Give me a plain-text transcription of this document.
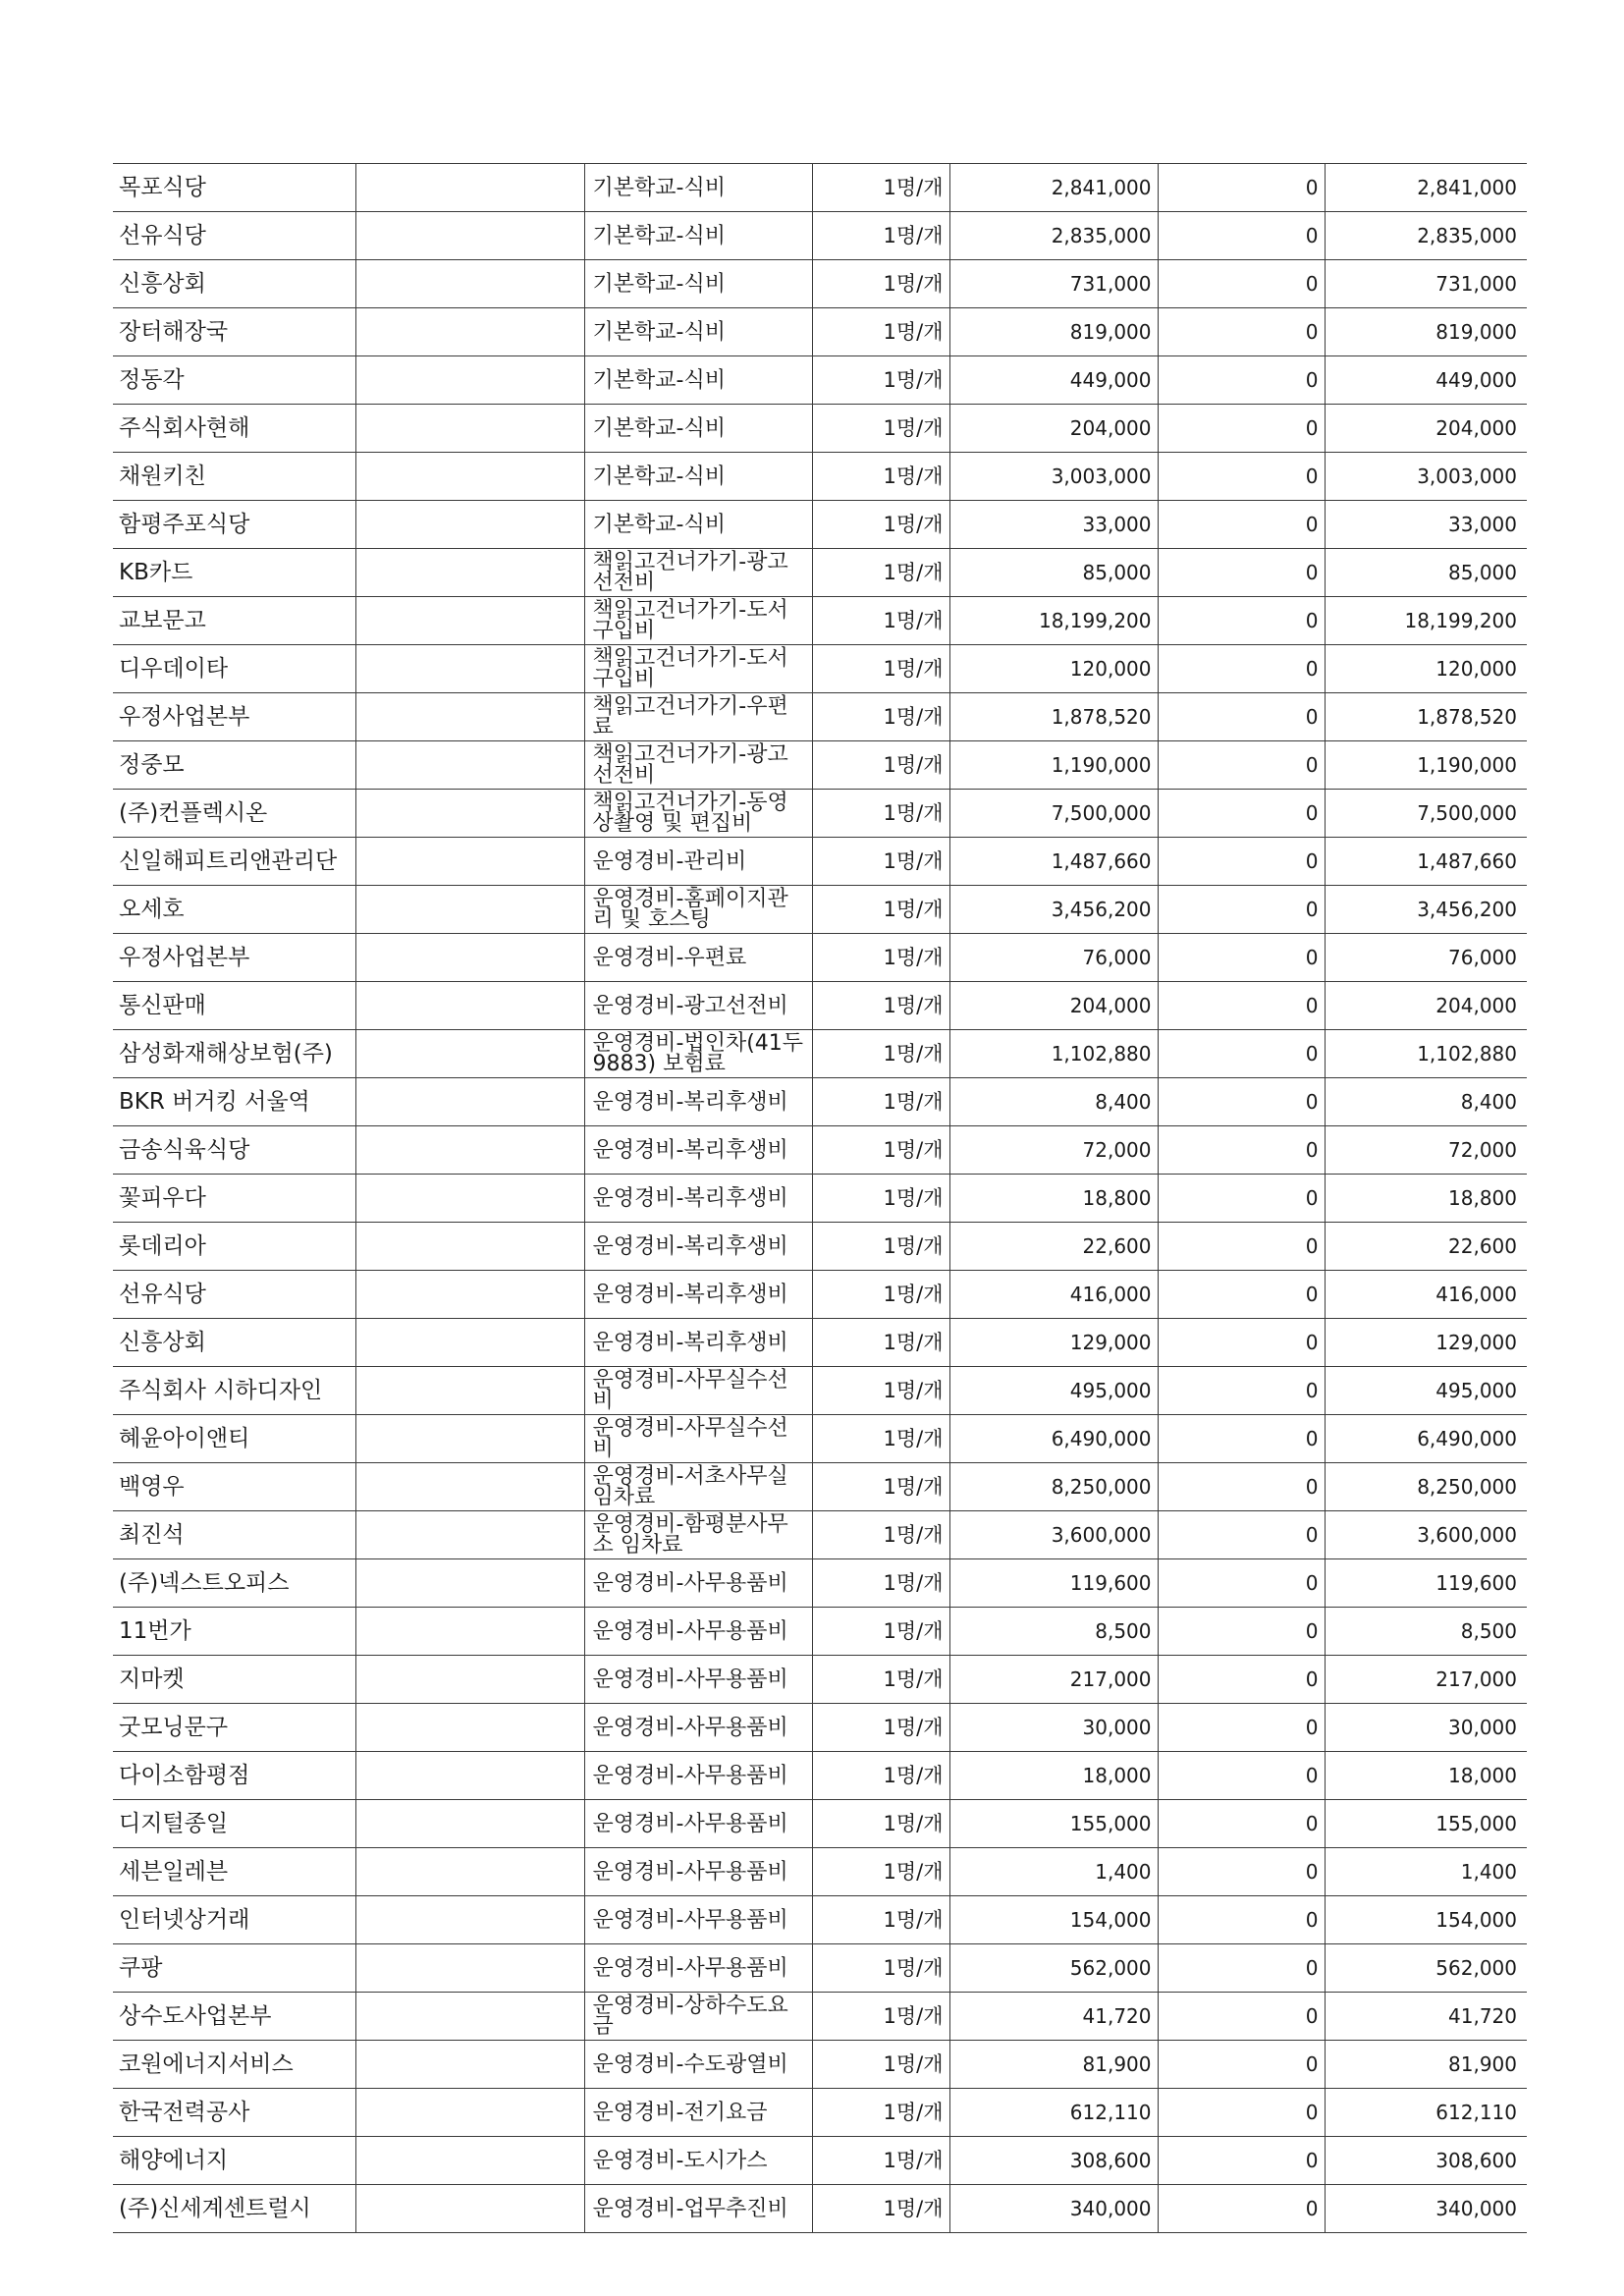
목포식당		기본학교-식비	1명/개	2,841,000	0	2,841,000
선유식당		기본학교-식비	1명/개	2,835,000	0	2,835,000
신흥상회		기본학교-식비	1명/개	731,000	0	731,000
장터해장국		기본학교-식비	1명/개	819,000	0	819,000
정동각		기본학교-식비	1명/개	449,000	0	449,000
주식회사현해		기본학교-식비	1명/개	204,000	0	204,000
채원키친		기본학교-식비	1명/개	3,003,000	0	3,003,000
함평주포식당		기본학교-식비	1명/개	33,000	0	33,000
KB카드		책읽고건너가기-광고선전비	1명/개	85,000	0	85,000
교보문고		책읽고건너가기-도서구입비	1명/개	18,199,200	0	18,199,200
디우데이타		책읽고건너가기-도서구입비	1명/개	120,000	0	120,000
우정사업본부		책읽고건너가기-우편료	1명/개	1,878,520	0	1,878,520
정중모		책읽고건너가기-광고선전비	1명/개	1,190,000	0	1,190,000
(주)컨플렉시온		책읽고건너가기-동영상촬영 및 편집비	1명/개	7,500,000	0	7,500,000
신일해피트리앤관리단		운영경비-관리비	1명/개	1,487,660	0	1,487,660
오세호		운영경비-홈페이지관리 및 호스팅	1명/개	3,456,200	0	3,456,200
우정사업본부		운영경비-우편료	1명/개	76,000	0	76,000
통신판매		운영경비-광고선전비	1명/개	204,000	0	204,000
삼성화재해상보험(주)		운영경비-법인차(41두9883) 보험료	1명/개	1,102,880	0	1,102,880
BKR 버거킹 서울역		운영경비-복리후생비	1명/개	8,400	0	8,400
금송식육식당		운영경비-복리후생비	1명/개	72,000	0	72,000
꽃피우다		운영경비-복리후생비	1명/개	18,800	0	18,800
롯데리아		운영경비-복리후생비	1명/개	22,600	0	22,600
선유식당		운영경비-복리후생비	1명/개	416,000	0	416,000
신흥상회		운영경비-복리후생비	1명/개	129,000	0	129,000
주식회사 시하디자인		운영경비-사무실수선비	1명/개	495,000	0	495,000
혜윤아이앤티		운영경비-사무실수선비	1명/개	6,490,000	0	6,490,000
백영우		운영경비-서초사무실 임차료	1명/개	8,250,000	0	8,250,000
최진석		운영경비-함평분사무소 임차료	1명/개	3,600,000	0	3,600,000
(주)넥스트오피스		운영경비-사무용품비	1명/개	119,600	0	119,600
11번가		운영경비-사무용품비	1명/개	8,500	0	8,500
지마켓		운영경비-사무용품비	1명/개	217,000	0	217,000
굿모닝문구		운영경비-사무용품비	1명/개	30,000	0	30,000
다이소함평점		운영경비-사무용품비	1명/개	18,000	0	18,000
디지털종일		운영경비-사무용품비	1명/개	155,000	0	155,000
세븐일레븐		운영경비-사무용품비	1명/개	1,400	0	1,400
인터넷상거래		운영경비-사무용품비	1명/개	154,000	0	154,000
쿠팡		운영경비-사무용품비	1명/개	562,000	0	562,000
상수도사업본부		운영경비-상하수도요금	1명/개	41,720	0	41,720
코원에너지서비스		운영경비-수도광열비	1명/개	81,900	0	81,900
한국전력공사		운영경비-전기요금	1명/개	612,110	0	612,110
해양에너지		운영경비-도시가스	1명/개	308,600	0	308,600
(주)신세계센트럴시		운영경비-업무추진비	1명/개	340,000	0	340,000
